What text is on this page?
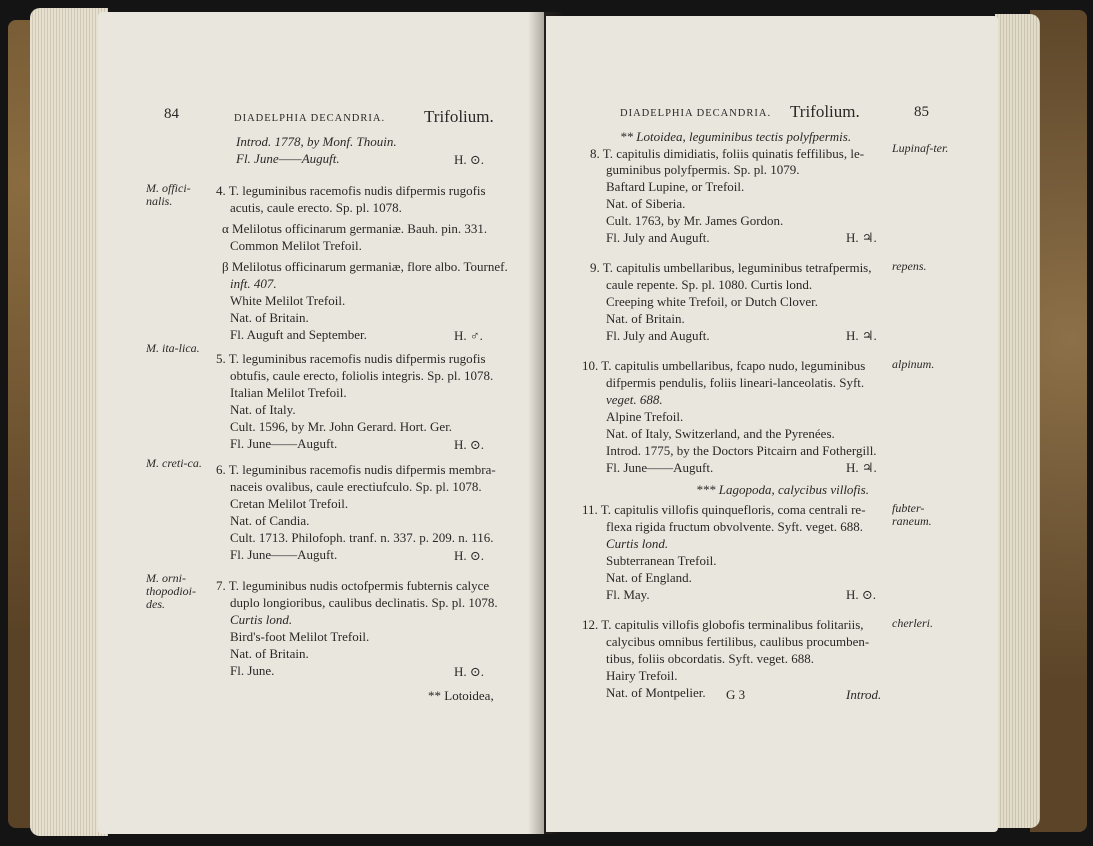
84	DIADELPHIA DECANDRIA. Trifolium.
Introd. 1778, by Monf. Thouin.
Fl. June——Auguft.	H. ⊙.
M. offici-nalis.
4. T. leguminibus racemofis nudis difpermis rugofis
acutis, caule erecto. Sp. pl. 1078.
α Melilotus officinarum germaniæ. Bauh. pin. 331.
Common Melilot Trefoil.
β Melilotus officinarum germaniæ, flore albo. Tournef.
inft. 407.
White Melilot Trefoil.
Nat. of Britain.
Fl. Auguft and September.	H. ♂.
M. ita-lica.
5. T. leguminibus racemofis nudis difpermis rugofis
obtufis, caule erecto, foliolis integris. Sp. pl. 1078.
Italian Melilot Trefoil.
Nat. of Italy.
Cult. 1596, by Mr. John Gerard. Hort. Ger.
Fl. June——Auguft.	H. ⊙.
M. creti-ca.	6. T. leguminibus racemofis nudis difpermis membra-
naceis ovalibus, caule erectiufculo. Sp. pl. 1078.
Cretan Melilot Trefoil.
Nat. of Candia.
Cult. 1713. Philofoph. tranf. n. 337. p. 209. n. 116.
Fl. June——Auguft.	H. ⊙.
M. orni-thopodioi-des.
7. T. leguminibus nudis octofpermis fubternis calyce
duplo longioribus, caulibus declinatis. Sp. pl. 1078.
Curtis lond.
Bird's-foot Melilot Trefoil.
Nat. of Britain.
Fl. June.	H. ⊙.
** Lotoidea,
DIADELPHIA DECANDRIA. Trifolium.	85
** Lotoidea, leguminibus tectis polyfpermis.
8. T. capitulis dimidiatis, foliis quinatis feffilibus, le- Lupinaf-ter.
guminibus polyfpermis. Sp. pl. 1079.
Baftard Lupine, or Trefoil.
Nat. of Siberia.
Cult. 1763, by Mr. James Gordon.
Fl. July and Auguft.	H. ♃.
9. T. capitulis umbellaribus, leguminibus tetrafpermis, repens.
caule repente. Sp. pl. 1080. Curtis lond.
Creeping white Trefoil, or Dutch Clover.
Nat. of Britain.
Fl. July and Auguft.	H. ♃.
10. T. capitulis umbellaribus, fcapo nudo, leguminibus alpinum.
difpermis pendulis, foliis lineari-lanceolatis. Syft.
veget. 688.
Alpine Trefoil.
Nat. of Italy, Switzerland, and the Pyrenées.
Introd. 1775, by the Doctors Pitcairn and Fothergill.
Fl. June——Auguft.	H. ♃.
*** Lagopoda, calycibus villofis.
11. T. capitulis villofis quinquefloris, coma centrali re- fubter-raneum.
flexa rigida fructum obvolvente. Syft. veget. 688.
Curtis lond.
Subterranean Trefoil.
Nat. of England.
Fl. May.	H. ⊙.
12. T. capitulis villofis globofis terminalibus folitariis, cherleri.
calycibus omnibus fertilibus, caulibus procumben-
tibus, foliis obcordatis. Syft. veget. 688.
Hairy Trefoil.
Nat. of Montpelier. G 3	Introd.
